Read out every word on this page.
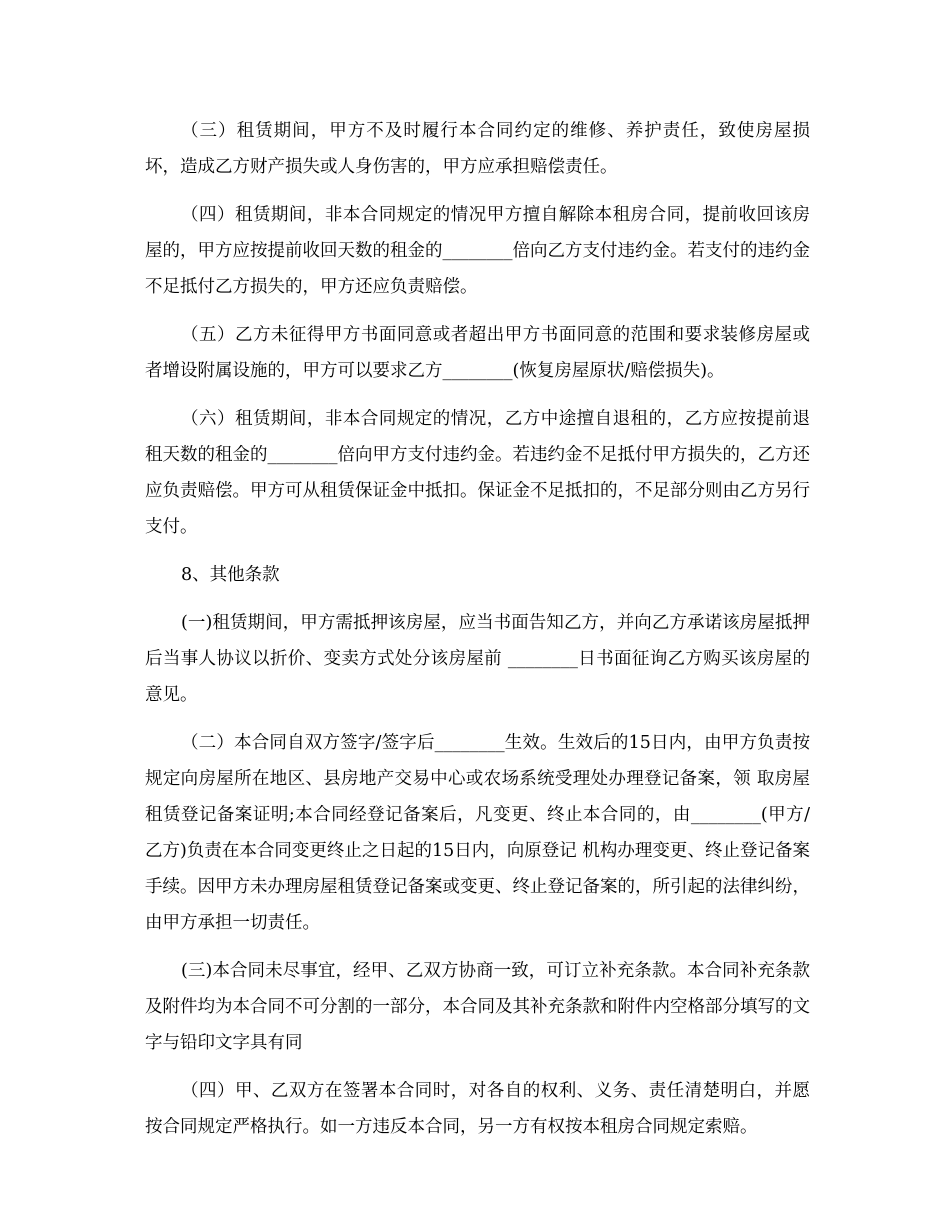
（三）租赁期间，甲方不及时履行本合同约定的维修、养护责任，致使房屋损坏，造成乙方财产损失或人身伤害的，甲方应承担赔偿责任。

（四）租赁期间，非本合同规定的情况甲方擅自解除本租房合同，提前收回该房屋的，甲方应按提前收回天数的租金的________倍向乙方支付违约金。若支付的违约金不足抵付乙方损失的，甲方还应负责赔偿。

（五）乙方未征得甲方书面同意或者超出甲方书面同意的范围和要求装修房屋或者增设附属设施的，甲方可以要求乙方________(恢复房屋原状/赔偿损失)。

（六）租赁期间，非本合同规定的情况，乙方中途擅自退租的，乙方应按提前退租天数的租金的________倍向甲方支付违约金。若违约金不足抵付甲方损失的，乙方还应负责赔偿。甲方可从租赁保证金中抵扣。保证金不足抵扣的，不足部分则由乙方另行支付。

8、其他条款

(一)租赁期间，甲方需抵押该房屋，应当书面告知乙方，并向乙方承诺该房屋抵押后当事人协议以折价、变卖方式处分该房屋前 ________日书面征询乙方购买该房屋的意见。

（二）本合同自双方签字/签字后________生效。生效后的15日内，由甲方负责按规定向房屋所在地区、县房地产交易中心或农场系统受理处办理登记备案，领 取房屋租赁登记备案证明;本合同经登记备案后，凡变更、终止本合同的，由________(甲方/乙方)负责在本合同变更终止之日起的15日内，向原登记 机构办理变更、终止登记备案手续。因甲方未办理房屋租赁登记备案或变更、终止登记备案的，所引起的法律纠纷，由甲方承担一切责任。

(三)本合同未尽事宜，经甲、乙双方协商一致，可订立补充条款。本合同补充条款及附件均为本合同不可分割的一部分，本合同及其补充条款和附件内空格部分填写的文字与铅印文字具有同

（四）甲、乙双方在签署本合同时，对各自的权利、义务、责任清楚明白，并愿按合同规定严格执行。如一方违反本合同，另一方有权按本租房合同规定索赔。
